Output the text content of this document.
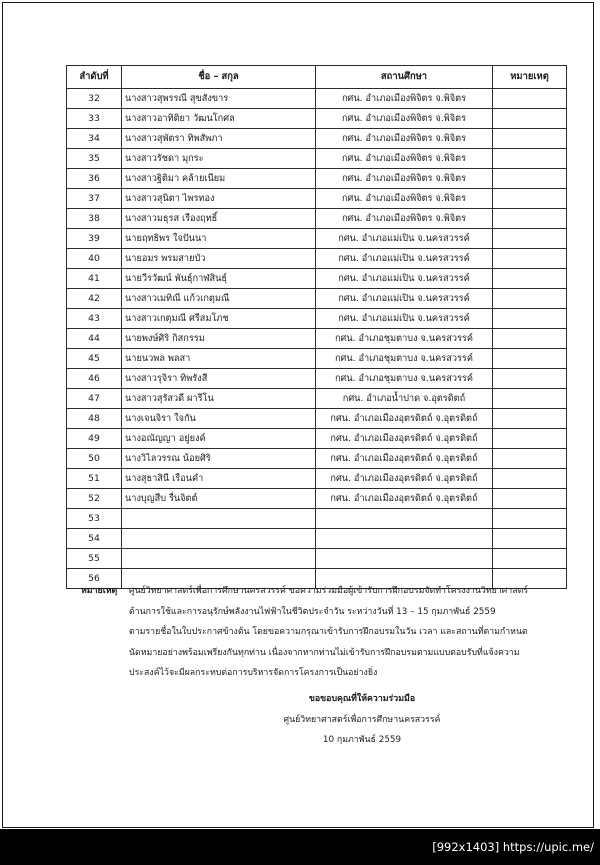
ลำดับที่	ชื่อ – สกุล	สถานศึกษา	หมายเหตุ
32	นางสาวสุพรรณี สุขสังขาร	กศน. อำเภอเมืองพิจิตร จ.พิจิตร	
33	นางสาวอาทิติยา วัฒนโกศล	กศน. อำเภอเมืองพิจิตร จ.พิจิตร	
34	นางสาวสุพัตรา ทิพสัพภา	กศน. อำเภอเมืองพิจิตร จ.พิจิตร	
35	นางสาวรัชดา มุกระ	กศน. อำเภอเมืองพิจิตร จ.พิจิตร	
36	นางสาวฐิติมา คล้ายเนียม	กศน. อำเภอเมืองพิจิตร จ.พิจิตร	
37	นางสาวสุนิตา ไพรทอง	กศน. อำเภอเมืองพิจิตร จ.พิจิตร	
38	นางสาวมธุรส เรืองฤทธิ์	กศน. อำเภอเมืองพิจิตร จ.พิจิตร	
39	นายฤทธิพร ใจปันนา	กศน. อำเภอแม่เปิน จ.นครสวรรค์	
40	นายอมร พรมสายบัว	กศน. อำเภอแม่เปิน จ.นครสวรรค์	
41	นายวีรวัฒน์ พันธุ์กาฬสินธุ์	กศน. อำเภอแม่เปิน จ.นครสวรรค์	
42	นางสาวเมทิณี แก้วเกตุมณี	กศน. อำเภอแม่เปิน จ.นครสวรรค์	
43	นางสาวเกตุมณี ศรีสมโภช	กศน. อำเภอแม่เปิน จ.นครสวรรค์	
44	นายพงษ์ศิริ กิสกรรม	กศน. อำเภอชุมตาบง จ.นครสวรรค์	
45	นายนวพล พลสา	กศน. อำเภอชุมตาบง จ.นครสวรรค์	
46	นางสาวรุจิรา ทิพรังสี	กศน. อำเภอชุมตาบง จ.นครสวรรค์	
47	นางสาวสุรัสวดี ผารีโน	กศน. อำเภอน้ำปาด จ.อุตรดิตถ์	
48	นางเจนจิรา ใจกัน	กศน. อำเภอเมืองอุตรดิตถ์ จ.อุตรดิตถ์	
49	นางอณัญญา อยู่ยงค์	กศน. อำเภอเมืองอุตรดิตถ์ จ.อุตรดิตถ์	
50	นางวิไลวรรณ น้อยศิริ	กศน. อำเภอเมืองอุตรดิตถ์ จ.อุตรดิตถ์	
51	นางสุธาสินี เรือนคำ	กศน. อำเภอเมืองอุตรดิตถ์ จ.อุตรดิตถ์	
52	นางบุญสืบ รื่นจิตต์	กศน. อำเภอเมืองอุตรดิตถ์ จ.อุตรดิตถ์	
53			
54			
55			
56			
หมายเหตุ	ศูนย์วิทยาศาสตร์เพื่อการศึกษานครสวรรค์ ขอความร่วมมือผู้เข้ารับการฝึกอบรมจัดทำโครงงานวิทยาศาสตร์
ด้านการใช้และการอนุรักษ์พลังงานไฟฟ้าในชีวิตประจำวัน ระหว่างวันที่ 13 – 15 กุมภาพันธ์ 2559
ตามรายชื่อในใบประกาศข้างต้น โดยขอความกรุณาเข้ารับการฝึกอบรมในวัน เวลา และสถานที่ตามกำหนด
นัดหมายอย่างพร้อมเพรียงกันทุกท่าน เนื่องจากหากท่านไม่เข้ารับการฝึกอบรมตามแบบตอบรับที่แจ้งความ
ประสงค์ไว้จะมีผลกระทบต่อการบริหารจัดการโครงการเป็นอย่างยิ่ง
ขอขอบคุณที่ให้ความร่วมมือ
ศูนย์วิทยาศาสตร์เพื่อการศึกษานครสวรรค์
10 กุมภาพันธ์ 2559
[992x1403] https://upic.me/
